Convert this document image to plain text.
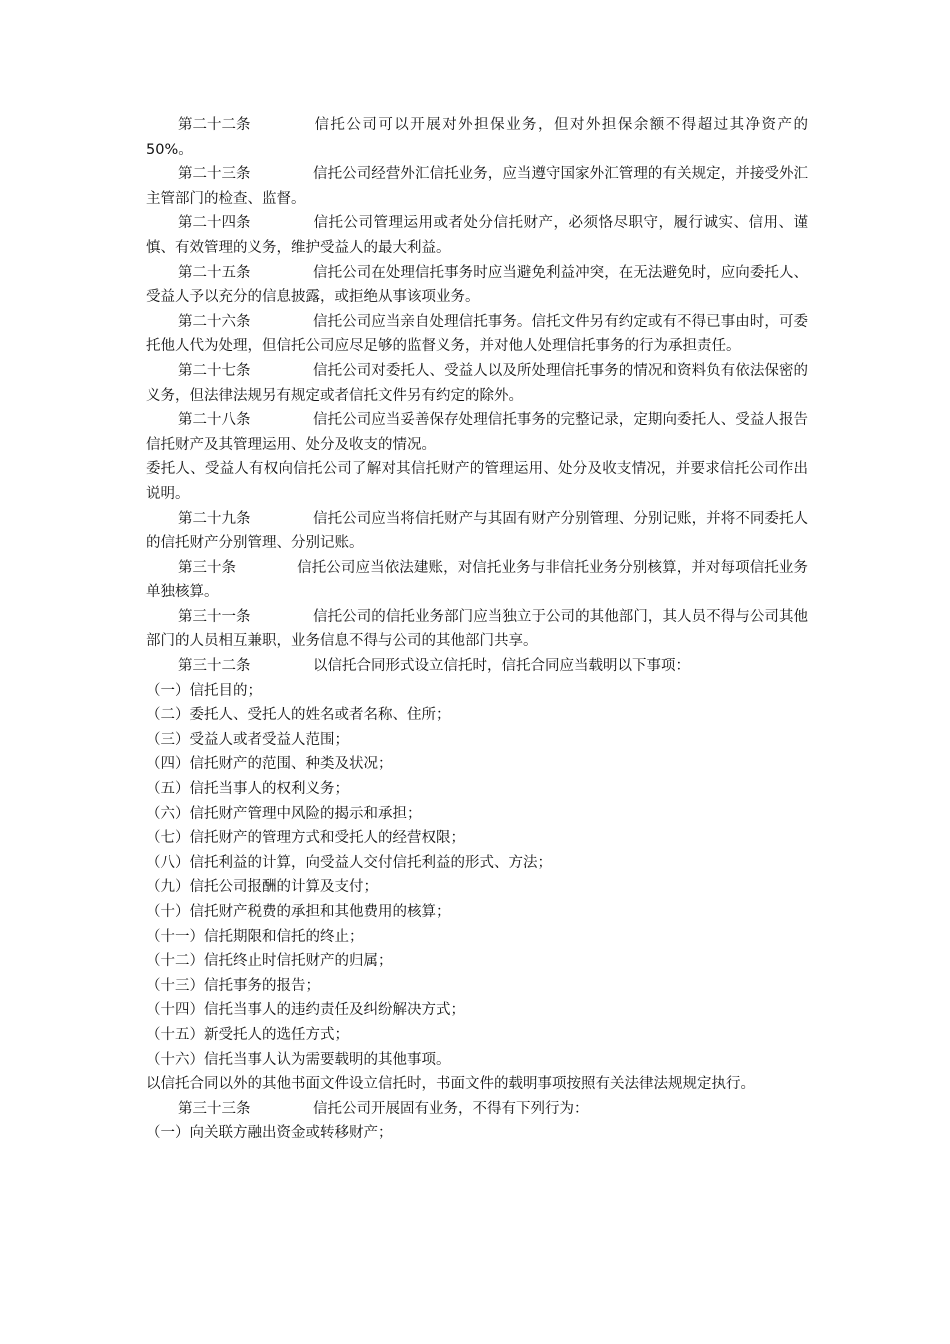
第二十二条	信托公司可以开展对外担保业务，但对外担保余额不得超过其净资产的 50%。

第二十三条	信托公司经营外汇信托业务，应当遵守国家外汇管理的有关规定，并接受外汇主管部门的检查、监督。

第二十四条	信托公司管理运用或者处分信托财产，必须恪尽职守，履行诚实、信用、谨慎、有效管理的义务，维护受益人的最大利益。

第二十五条	信托公司在处理信托事务时应当避免利益冲突，在无法避免时，应向委托人、受益人予以充分的信息披露，或拒绝从事该项业务。

第二十六条	信托公司应当亲自处理信托事务。信托文件另有约定或有不得已事由时，可委托他人代为处理，但信托公司应尽足够的监督义务，并对他人处理信托事务的行为承担责任。

第二十七条	信托公司对委托人、受益人以及所处理信托事务的情况和资料负有依法保密的义务，但法律法规另有规定或者信托文件另有约定的除外。

第二十八条	信托公司应当妥善保存处理信托事务的完整记录，定期向委托人、受益人报告信托财产及其管理运用、处分及收支的情况。

委托人、受益人有权向信托公司了解对其信托财产的管理运用、处分及收支情况，并要求信托公司作出说明。

第二十九条	信托公司应当将信托财产与其固有财产分别管理、分别记账，并将不同委托人的信托财产分别管理、分别记账。

第三十条	信托公司应当依法建账，对信托业务与非信托业务分别核算，并对每项信托业务单独核算。

第三十一条	信托公司的信托业务部门应当独立于公司的其他部门，其人员不得与公司其他部门的人员相互兼职，业务信息不得与公司的其他部门共享。

第三十二条	以信托合同形式设立信托时，信托合同应当载明以下事项：

（一）信托目的；

（二）委托人、受托人的姓名或者名称、住所；

（三）受益人或者受益人范围；

（四）信托财产的范围、种类及状况；

（五）信托当事人的权利义务；

（六）信托财产管理中风险的揭示和承担；

（七）信托财产的管理方式和受托人的经营权限；

（八）信托利益的计算，向受益人交付信托利益的形式、方法；

（九）信托公司报酬的计算及支付；

（十）信托财产税费的承担和其他费用的核算；

（十一）信托期限和信托的终止；

（十二）信托终止时信托财产的归属；

（十三）信托事务的报告；

（十四）信托当事人的违约责任及纠纷解决方式；

（十五）新受托人的选任方式；

（十六）信托当事人认为需要载明的其他事项。

以信托合同以外的其他书面文件设立信托时，书面文件的载明事项按照有关法律法规规定执行。

第三十三条	信托公司开展固有业务，不得有下列行为：

（一）向关联方融出资金或转移财产；
